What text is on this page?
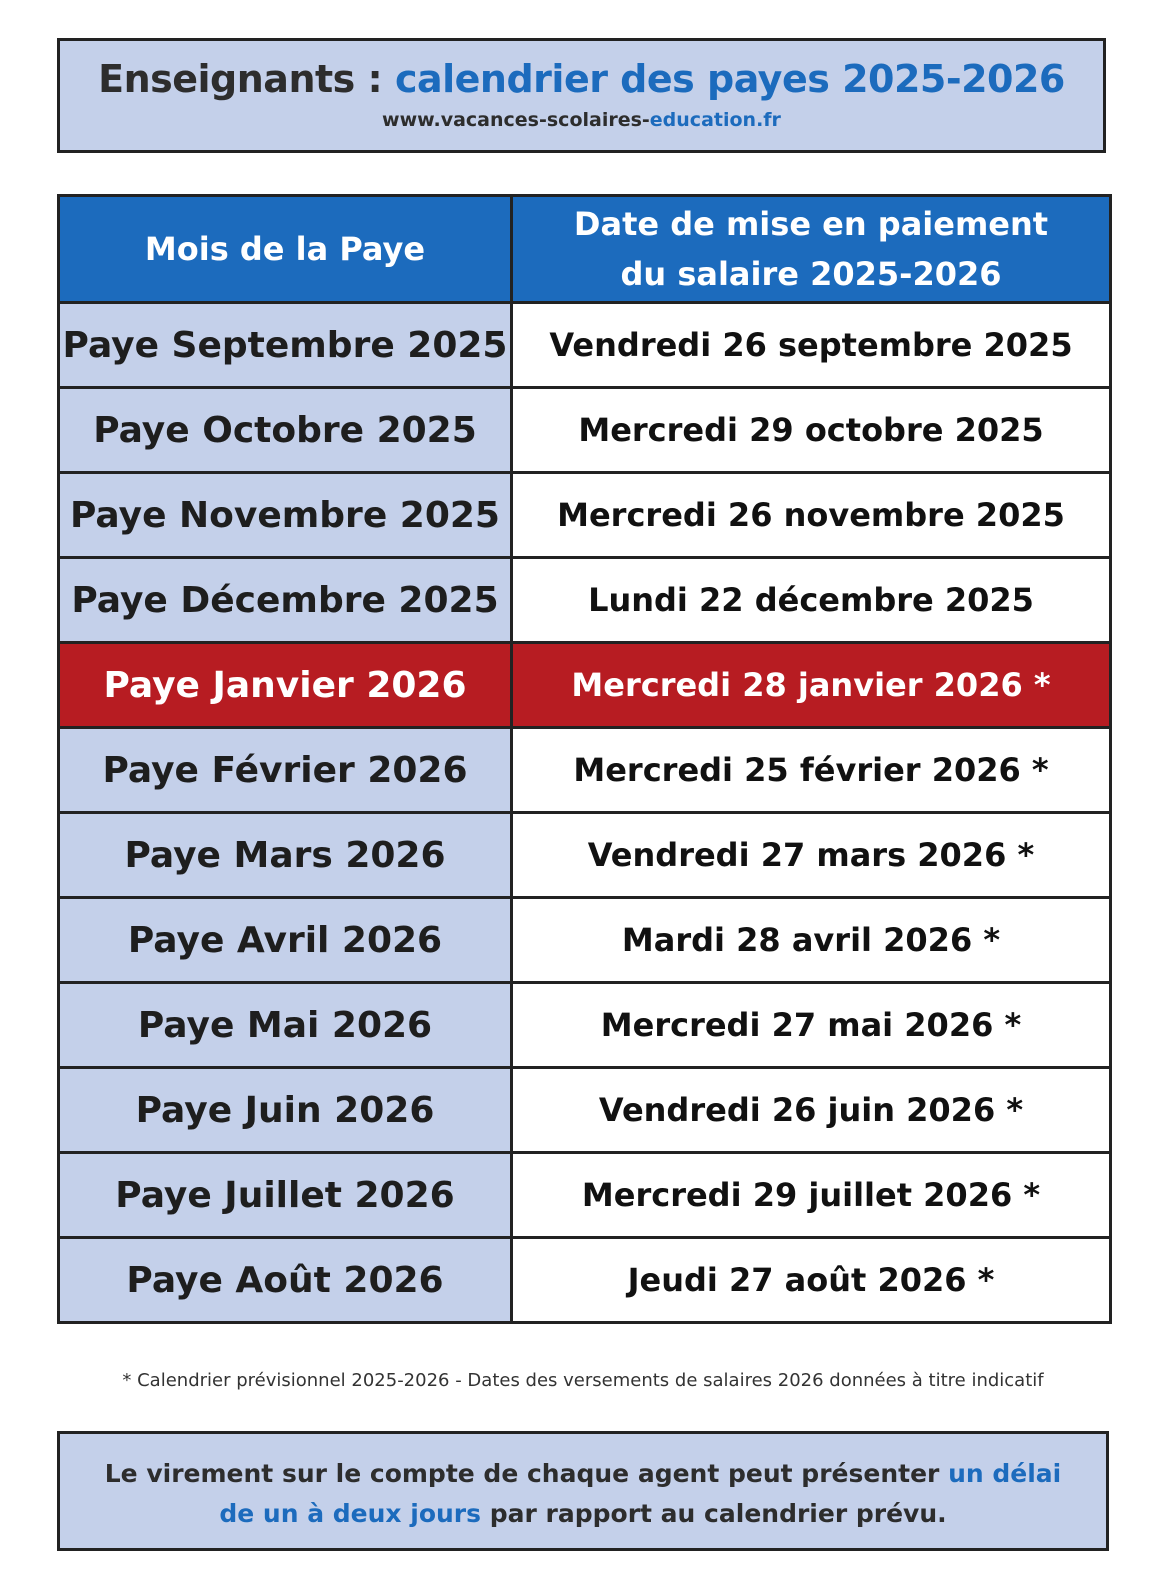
Enseignants : calendrier des payes 2025-2026
www.vacances-scolaires-education.fr
Mois de la Paye	Date de mise en paiement du salaire 2025-2026
Paye Septembre 2025	Vendredi 26 septembre 2025
Paye Octobre 2025	Mercredi 29 octobre 2025
Paye Novembre 2025	Mercredi 26 novembre 2025
Paye Décembre 2025	Lundi 22 décembre 2025
Paye Janvier 2026	Mercredi 28 janvier 2026 *
Paye Février 2026	Mercredi 25 février 2026 *
Paye Mars 2026	Vendredi 27 mars 2026 *
Paye Avril 2026	Mardi 28 avril 2026 *
Paye Mai 2026	Mercredi 27 mai 2026 *
Paye Juin 2026	Vendredi 26 juin 2026 *
Paye Juillet 2026	Mercredi 29 juillet 2026 *
Paye Août 2026	Jeudi 27 août 2026 *
* Calendrier prévisionnel 2025-2026 - Dates des versements de salaires 2026 données à titre indicatif
Le virement sur le compte de chaque agent peut présenter un délai de un à deux jours par rapport au calendrier prévu.
